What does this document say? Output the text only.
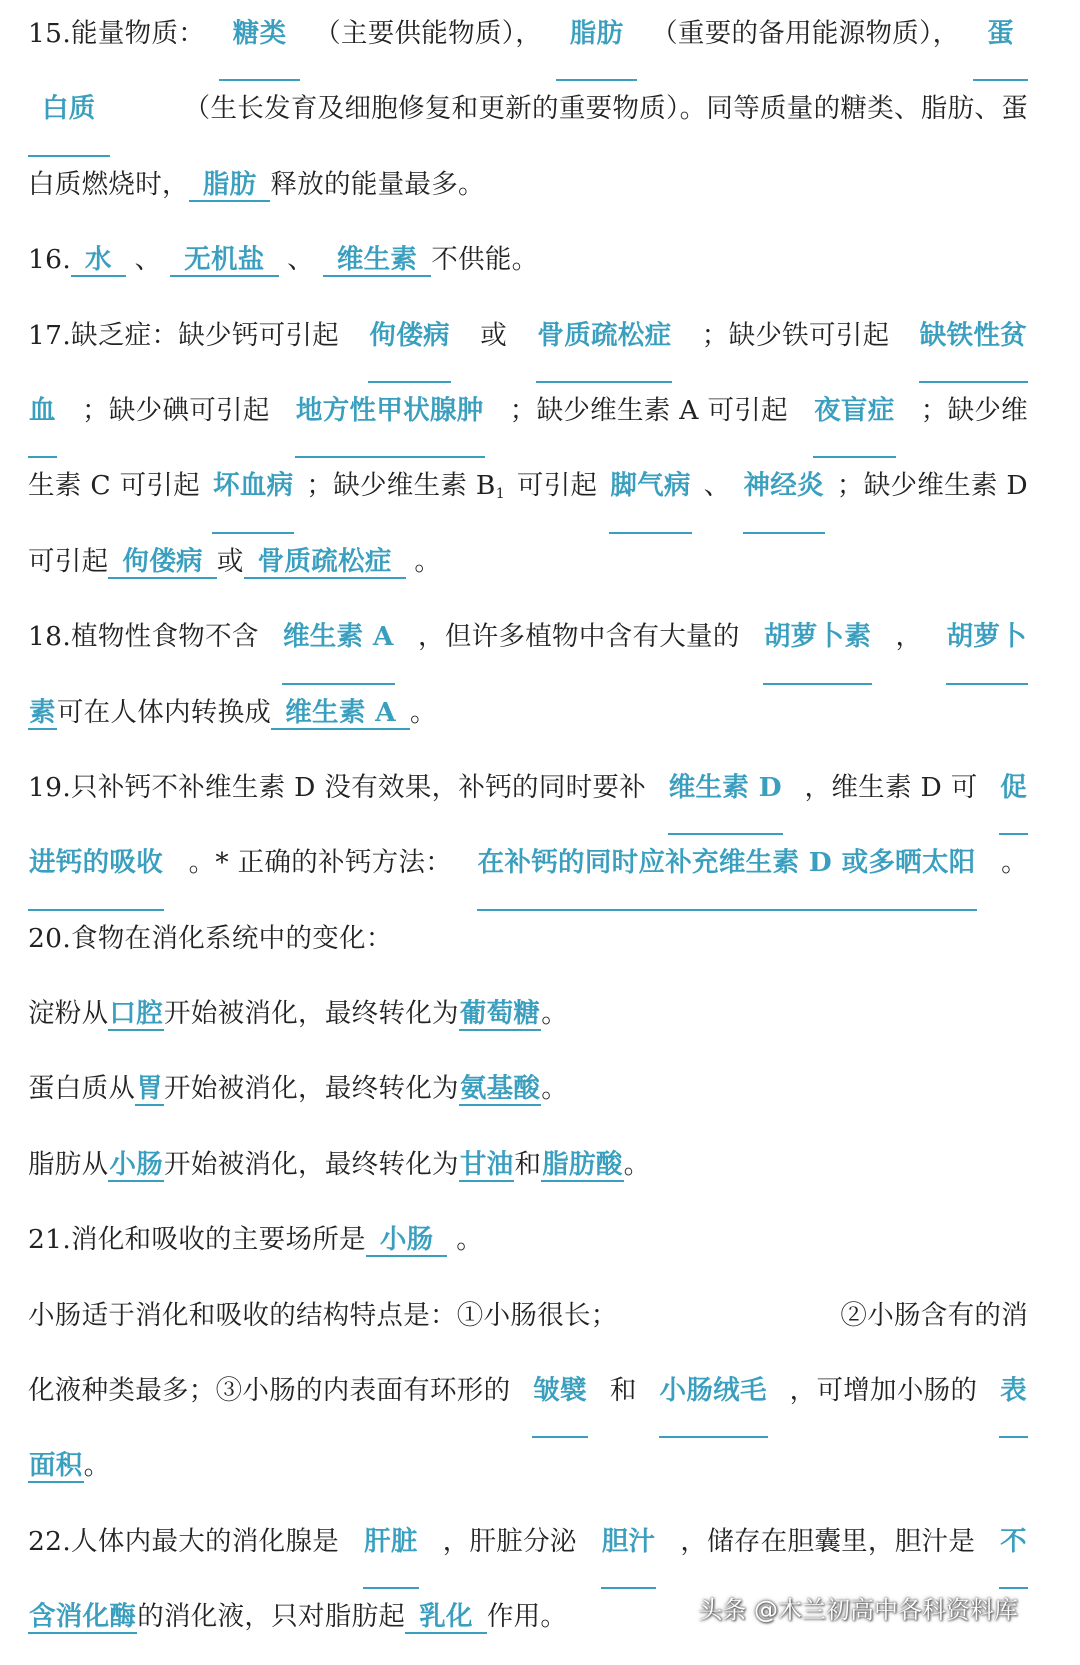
15.能量物质：	糖类	（主要供能物质），	脂肪	（重要的备用能源物质），	蛋
白质	（生长发育及细胞修复和更新的重要物质）。同等质量的糖类、脂肪、蛋
白质燃烧时， 脂肪 释放的能量最多。
16. 水 、 无机盐 、 维生素 不供能。
17.缺乏症：缺少钙可引起 佝偻病 或 骨质疏松症 ；缺少铁可引起 缺铁性贫
血 ；缺少碘可引起 地方性甲状腺肿 ；缺少维生素 A 可引起 夜盲症 ；缺少维
生素 C 可引起 坏血病 ；缺少维生素 $B_1$ 可引起 脚气病 、 神经炎 ；缺少维生素 D
可引起 佝偻病 或 骨质疏松症 。
18.植物性食物不含 维生素 A ，但许多植物中含有大量的 胡萝卜素 ， 胡萝卜
素可在人体内转换成 维生素 A 。
19.只补钙不补维生素 D 没有效果，补钙的同时要补 维生素 D ，维生素 D 可 促
进钙的吸收 。* 正确的补钙方法： 在补钙的同时应补充维生素 D 或多晒太阳 。
20.食物在消化系统中的变化：
淀粉从口腔开始被消化，最终转化为葡萄糖。
蛋白质从胃开始被消化，最终转化为氨基酸。
脂肪从小肠开始被消化，最终转化为甘油和脂肪酸。
21.消化和吸收的主要场所是 小肠 。
小肠适于消化和吸收的结构特点是：①小肠很长；	②小肠含有的消
化液种类最多；③小肠的内表面有环形的 皱襞 和 小肠绒毛 ，可增加小肠的 表
面积。
22.人体内最大的消化腺是 肝脏 ，肝脏分泌 胆汁 ，储存在胆囊里，胆汁是 不
含消化酶的消化液，只对脂肪起 乳化 作用。	头条 @木兰初高中各科资料库
